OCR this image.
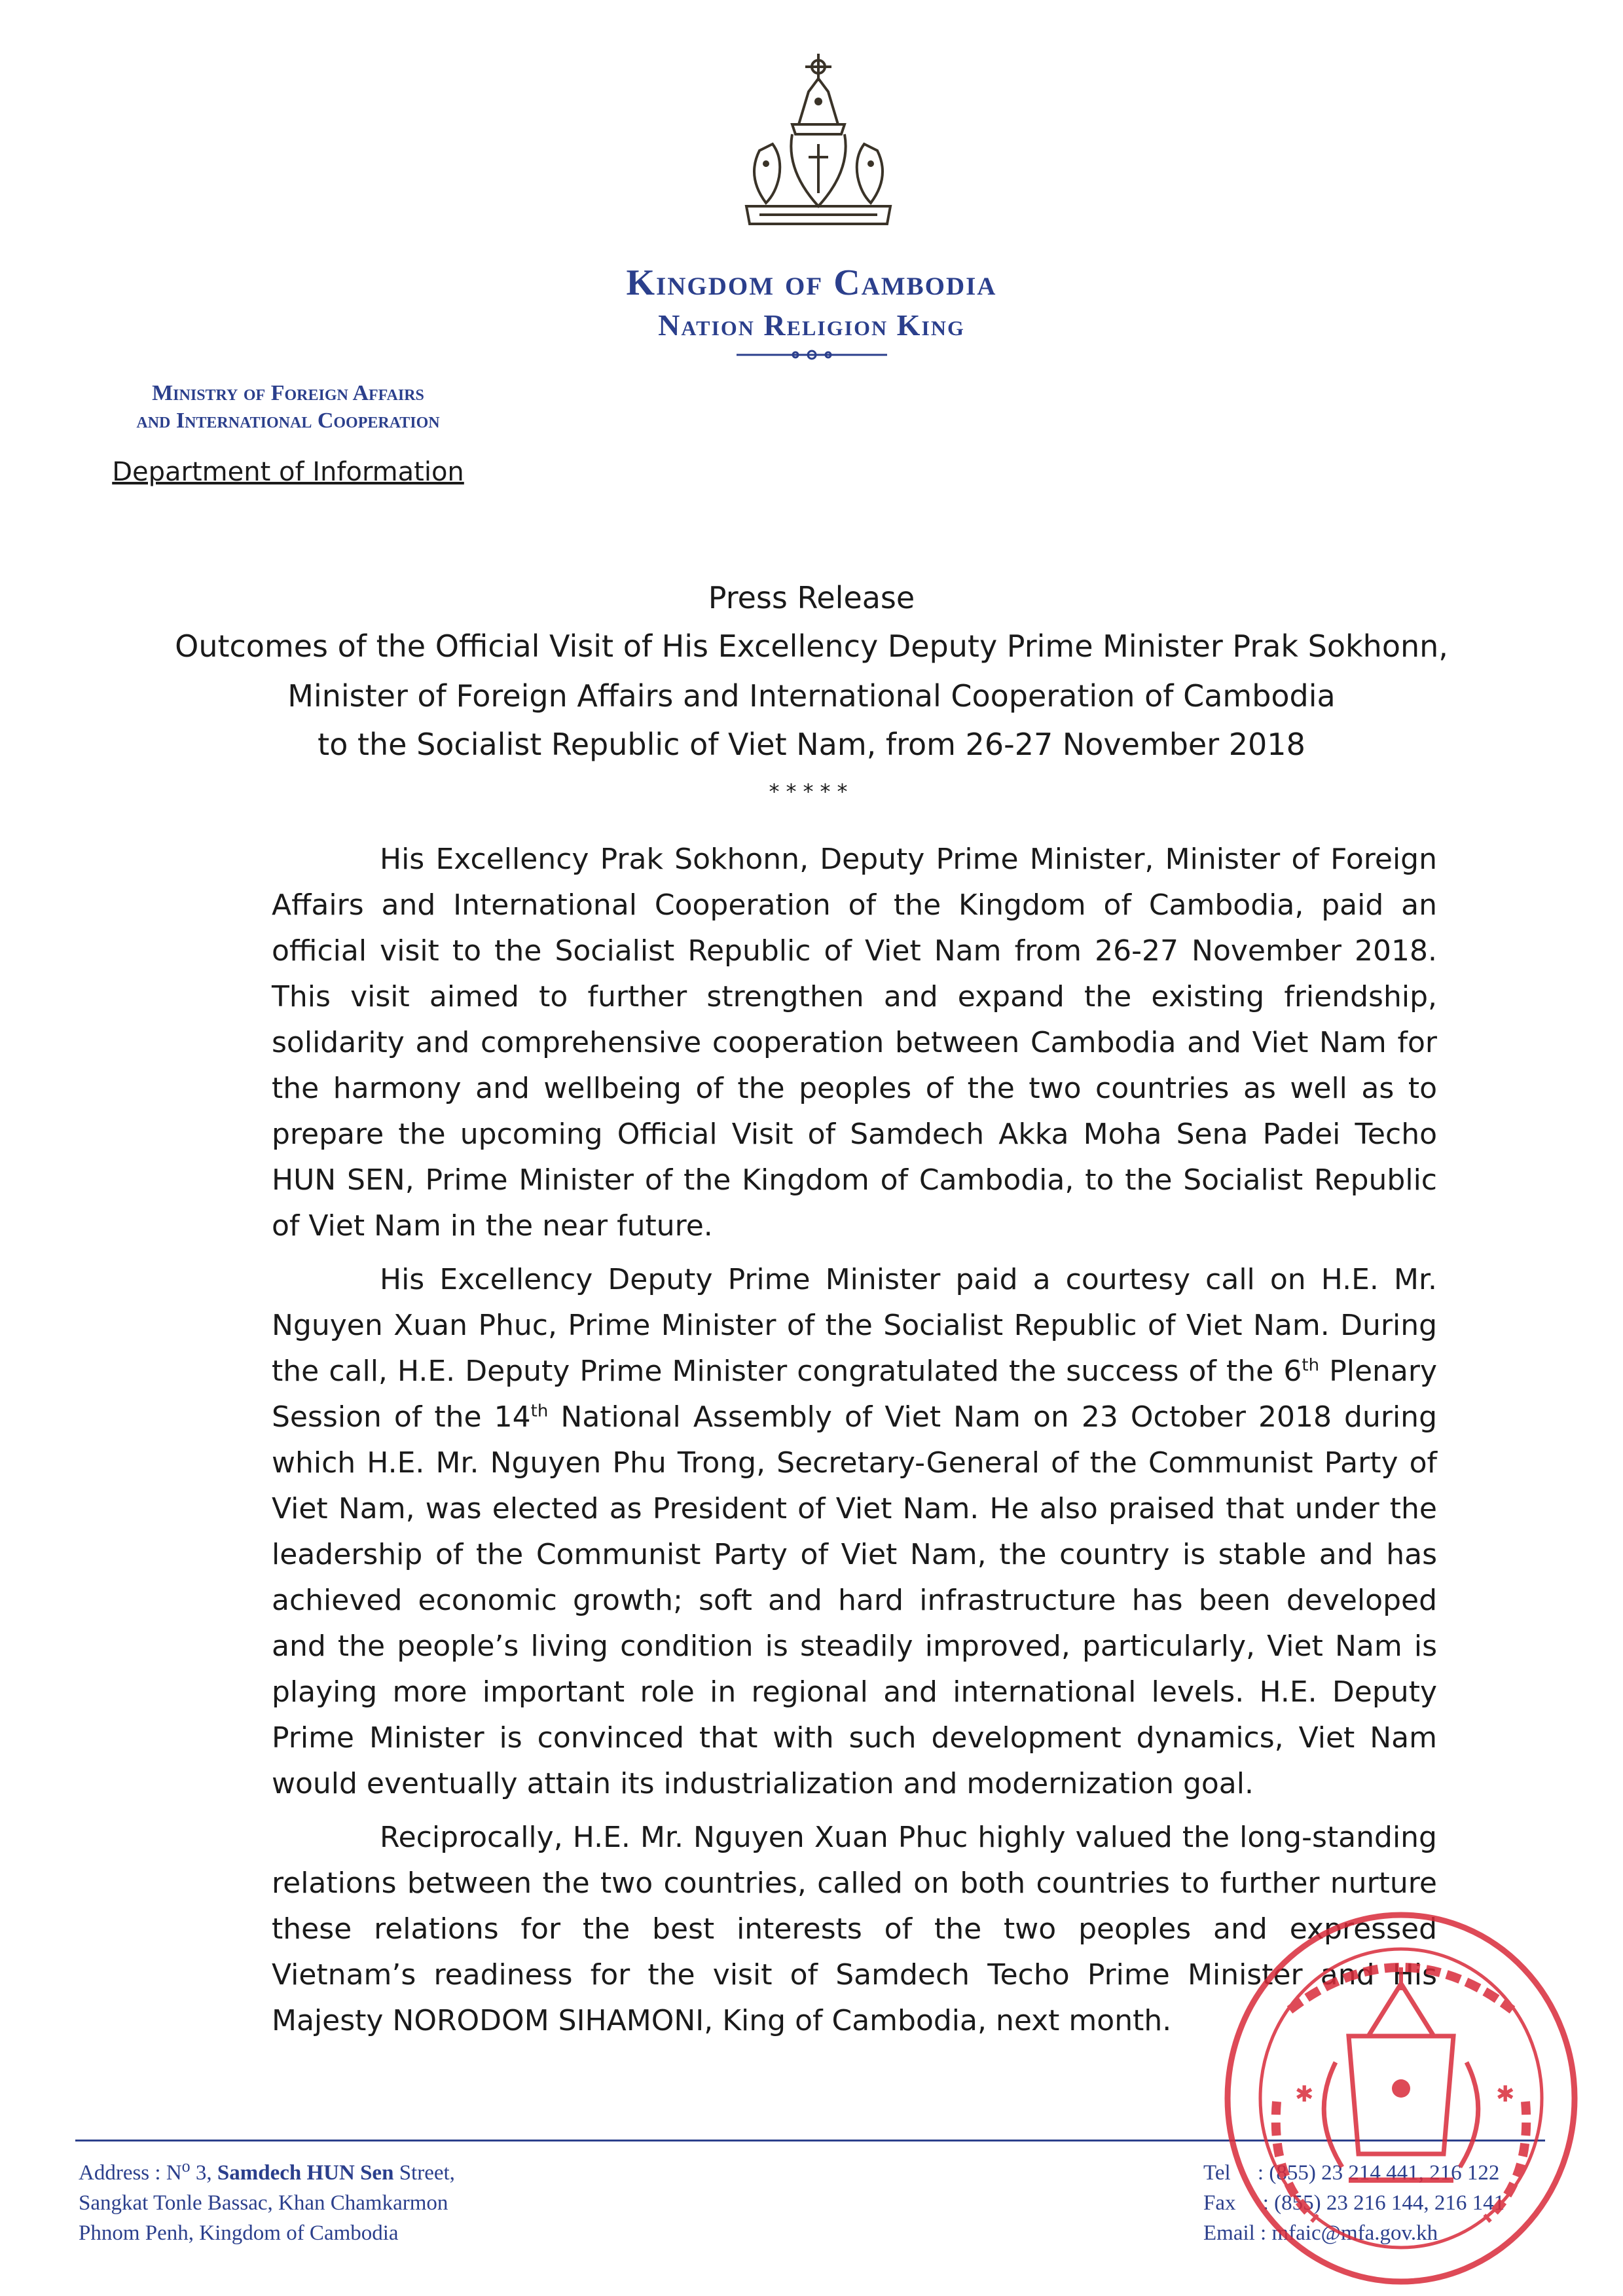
Kingdom of Cambodia
Nation Religion King
Ministry of Foreign Affairs
and International Cooperation
Department of Information
Press Release
Outcomes of the Official Visit of His Excellency Deputy Prime Minister Prak Sokhonn,
Minister of Foreign Affairs and International Cooperation of Cambodia
to the Socialist Republic of Viet Nam, from 26-27 November 2018
*****

His Excellency Prak Sokhonn, Deputy Prime Minister, Minister of Foreign Affairs and International Cooperation of the Kingdom of Cambodia, paid an official visit to the Socialist Republic of Viet Nam from 26-27 November 2018. This visit aimed to further strengthen and expand the existing friendship, solidarity and comprehensive cooperation between Cambodia and Viet Nam for the harmony and wellbeing of the peoples of the two countries as well as to prepare the upcoming Official Visit of Samdech Akka Moha Sena Padei Techo HUN SEN, Prime Minister of the Kingdom of Cambodia, to the Socialist Republic of Viet Nam in the near future.

His Excellency Deputy Prime Minister paid a courtesy call on H.E. Mr. Nguyen Xuan Phuc, Prime Minister of the Socialist Republic of Viet Nam. During the call, H.E. Deputy Prime Minister congratulated the success of the 6th Plenary Session of the 14th National Assembly of Viet Nam on 23 October 2018 during which H.E. Mr. Nguyen Phu Trong, Secretary-General of the Communist Party of Viet Nam, was elected as President of Viet Nam. He also praised that under the leadership of the Communist Party of Viet Nam, the country is stable and has achieved economic growth; soft and hard infrastructure has been developed and the people’s living condition is steadily improved, particularly, Viet Nam is playing more important role in regional and international levels. H.E. Deputy Prime Minister is convinced that with such development dynamics, Viet Nam would eventually attain its industrialization and modernization goal.

Reciprocally, H.E. Mr. Nguyen Xuan Phuc highly valued the long-standing relations between the two countries, called on both countries to further nurture these relations for the best interests of the two peoples and expressed Vietnam’s readiness for the visit of Samdech Techo Prime Minister and His Majesty NORODOM SIHAMONI, King of Cambodia, next month.

Address : $N^o$ 3, Samdech HUN Sen Street,
Sangkat Tonle Bassac, Khan Chamkarmon
Phnom Penh, Kingdom of Cambodia
Tel     : (855) 23 214 441, 216 122
Fax     : (855) 23 216 144, 216 141
Email : mfaic@mfa.gov.kh
✱	✱
